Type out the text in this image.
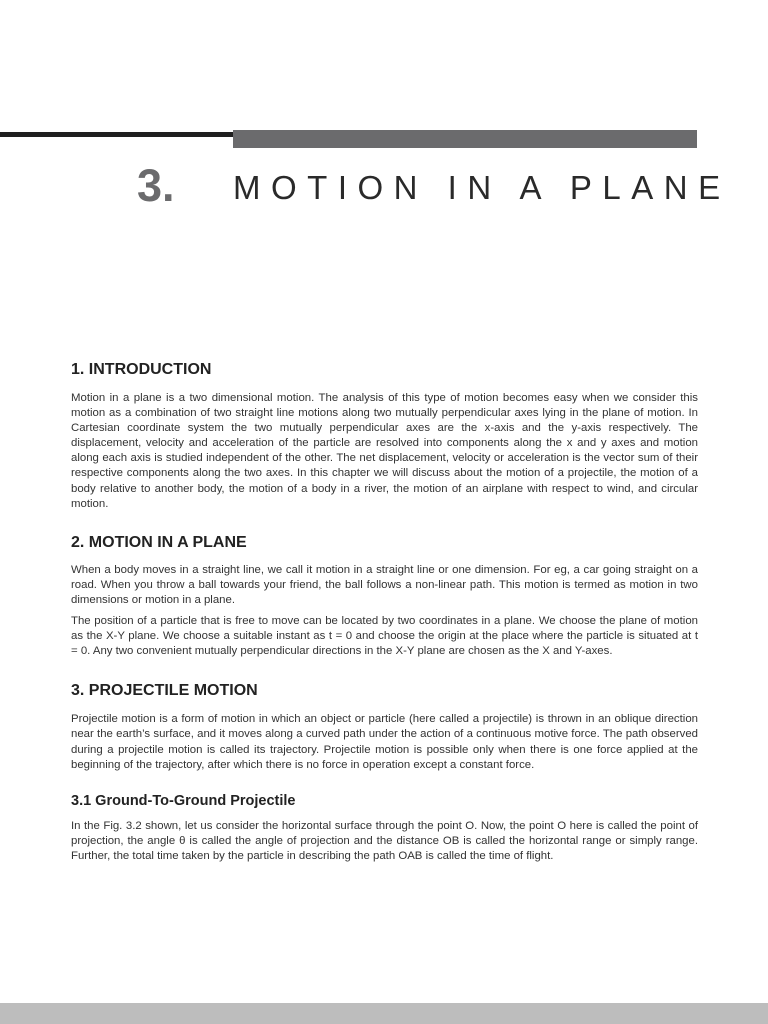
3. MOTION IN A PLANE
1. INTRODUCTION

Motion in a plane is a two dimensional motion. The analysis of this type of motion becomes easy when we consider this motion as a combination of two straight line motions along two mutually perpendicular axes lying in the plane of motion. In Cartesian coordinate system the two mutually perpendicular axes are the x-axis and the y-axis respectively. The displacement, velocity and acceleration of the particle are resolved into components along the x and y axes and motion along each axis is studied independent of the other. The net displacement, velocity or acceleration is the vector sum of their respective components along the two axes. In this chapter we will discuss about the motion of a projectile, the motion of a body relative to another body, the motion of a body in a river, the motion of an airplane with respect to wind, and circular motion.

2. MOTION IN A PLANE

When a body moves in a straight line, we call it motion in a straight line or one dimension. For eg, a car going straight on a road. When you throw a ball towards your friend, the ball follows a non-linear path. This motion is termed as motion in two dimensions or motion in a plane.

The position of a particle that is free to move can be located by two coordinates in a plane. We choose the plane of motion as the X-Y plane. We choose a suitable instant as t = 0 and choose the origin at the place where the particle is situated at t = 0. Any two convenient mutually perpendicular directions in the X-Y plane are chosen as the X and Y-axes.

3. PROJECTILE MOTION

Projectile motion is a form of motion in which an object or particle (here called a projectile) is thrown in an oblique direction near the earth’s surface, and it moves along a curved path under the action of a continuous motive force. The path observed during a projectile motion is called its trajectory. Projectile motion is possible only when there is one force applied at the beginning of the trajectory, after which there is no force in operation except a constant force.

3.1 Ground-To-Ground Projectile

In the Fig. 3.2 shown, let us consider the horizontal surface through the point O. Now, the point O here is called the point of projection, the angle θ is called the angle of projection and the distance OB is called the horizontal range or simply range. Further, the total time taken by the particle in describing the path OAB is called the time of flight.
